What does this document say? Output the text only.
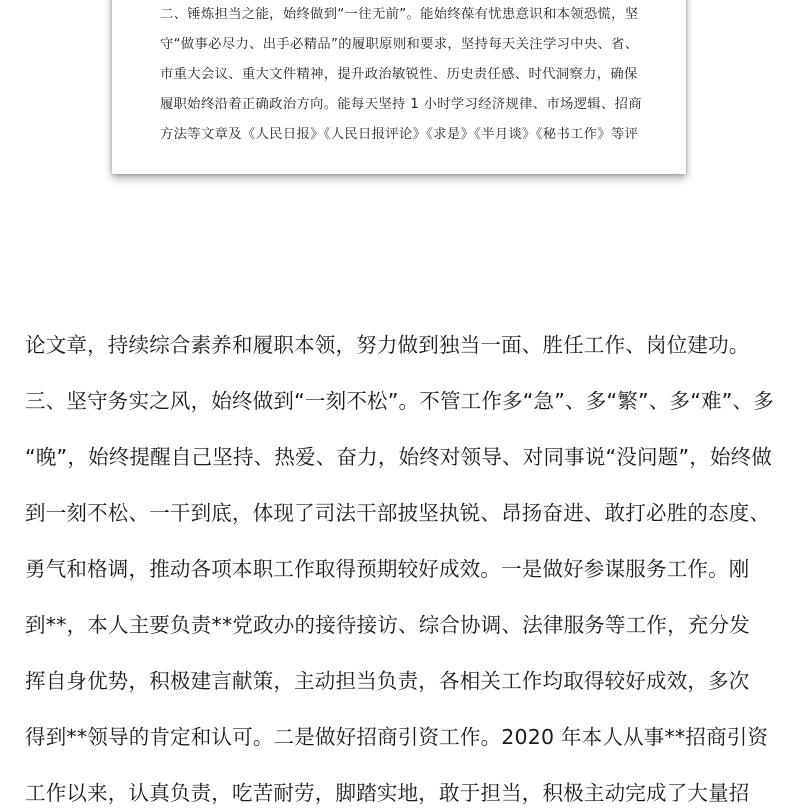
二、锤炼担当之能，始终做到“一往无前”。能始终葆有忧患意识和本领恐慌，坚
守“做事必尽力、出手必精品”的履职原则和要求，坚持每天关注学习中央、省、
市重大会议、重大文件精神，提升政治敏锐性、历史责任感、时代洞察力，确保
履职始终沿着正确政治方向。能每天坚持 1 小时学习经济规律、市场逻辑、招商
方法等文章及《人民日报》《人民日报评论》《求是》《半月谈》《秘书工作》等评
论文章，持续综合素养和履职本领，努力做到独当一面、胜任工作、岗位建功。
三、坚守务实之风，始终做到“一刻不松”。不管工作多“急”、多“繁”、多“难”、多
“晚”，始终提醒自己坚持、热爱、奋力，始终对领导、对同事说“没问题”，始终做
到一刻不松、一干到底，体现了司法干部披坚执锐、昂扬奋进、敢打必胜的态度、
勇气和格调，推动各项本职工作取得预期较好成效。一是做好参谋服务工作。刚
到**，本人主要负责**党政办的接待接访、综合协调、法律服务等工作，充分发
挥自身优势，积极建言献策，主动担当负责，各相关工作均取得较好成效，多次
得到**领导的肯定和认可。二是做好招商引资工作。2020 年本人从事**招商引资
工作以来，认真负责，吃苦耐劳，脚踏实地，敢于担当，积极主动完成了大量招
